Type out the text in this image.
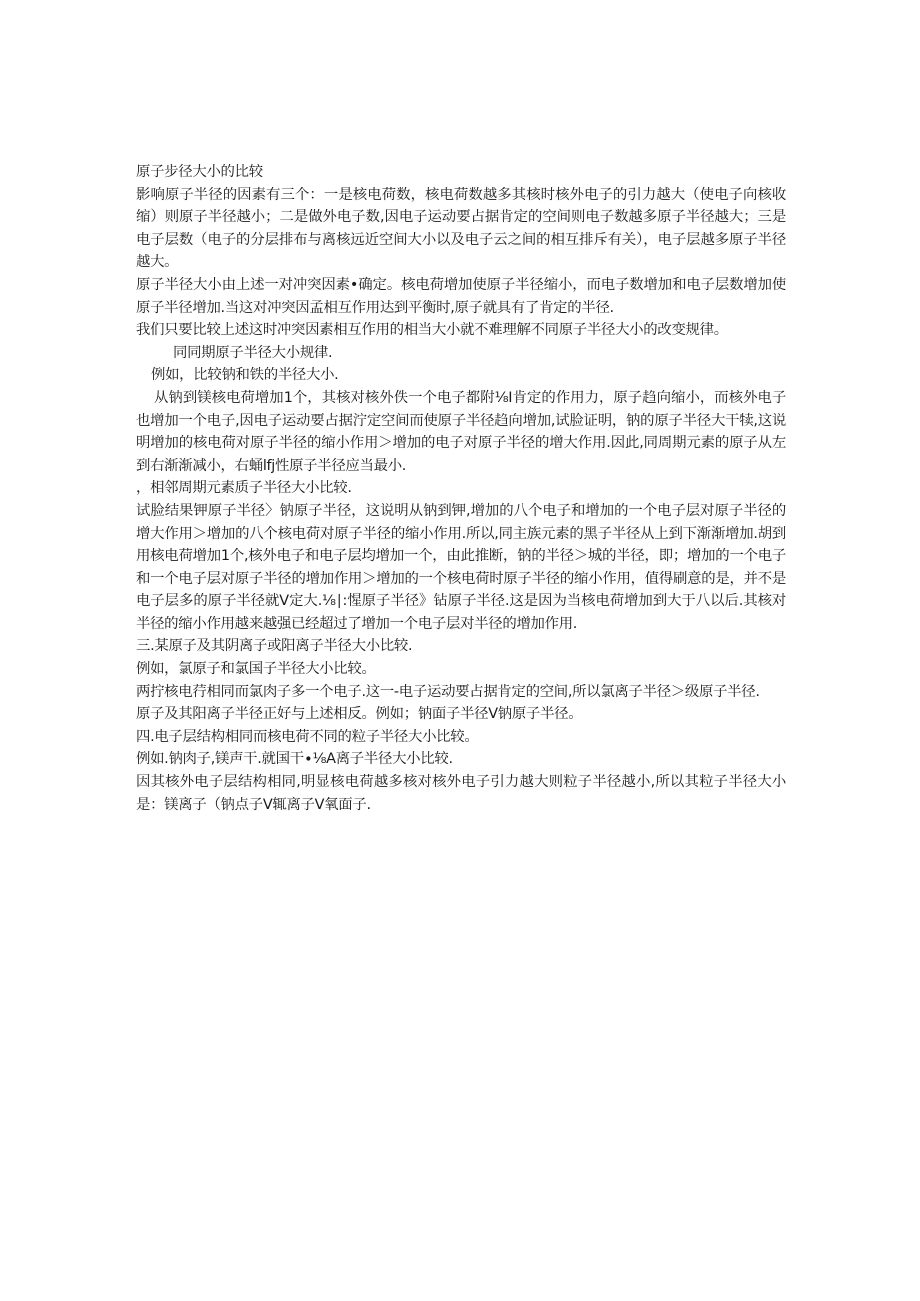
原子步径大小的比较

影响原子半径的因素有三个：一是核电荷数，核电荷数越多其核时核外电子的引力越大（使电子向核收缩）则原子半径越小；二是做外电子数,因电子运动要占据肯定的空间则电子数越多原子半径越大；三是电子层数（电子的分层排布与离核远近空间大小以及电子云之间的相互排斥有关），电子层越多原子半径越大。

原子半径大小由上述一对冲突因素•确定。核电荷增加使原子半径缩小，而电子数增加和电子层数增加使原子半径增加.当这对冲突因孟相互作用达到平衡时,原子就具有了肯定的半径.

我们只要比较上述这时冲突因素相互作用的相当大小就不难理解不同原子半径大小的改变规律。

同同期原子半径大小规律.

例如，比较钠和铁的半径大小.

从钠到镁核电荷增加1个，其核对核外佚一个电子都附⅛I肯定的作用力，原子趋向缩小，而核外电子也增加一个电子,因电子运动要占据泞定空间而使原子半径趋向增加,试脸证明，钠的原子半径大干犊,这说明增加的核电荷对原子半径的缩小作用＞增加的电子对原子半径的增大作用.因此,同周期元素的原子从左到右渐渐减小，右蛹lfj性原子半径应当最小.

，相邻周期元素质子半径大小比较.

试脸结果钾原子半径〉钠原子半径，这说明从钠到钾,增加的八个电子和增加的一个电子层对原子半径的增大作用＞增加的八个核电荷对原子半径的缩小作用.所以,同主族元素的黑子半径从上到下渐渐增加.胡到用核电荷增加1个,核外电子和电子层均增加一个，由此推断，钠的半径＞城的半径，即；增加的一个电子和一个电子层对原子半径的增加作用＞增加的一个核电荷时原子半径的缩小作用，值得刷意的是，并不是电子层多的原子半径就V定大.⅛∣:惺原子半径》钻原子半径.这是因为当核电荷增加到大于八以后.其核对半径的缩小作用越来越强已经超过了增加一个电子层对半径的增加作用.

三.某原子及其阴离子或阳离子半径大小比较.

例如，氯原子和氯国子半径大小比较。

两拧核电荇相同而氯肉子多一个电子.这一-电子运动要占据肯定的空间,所以氯离子半径＞级原子半径.

原子及其阳离子半径正好与上述相反。例如；钠面子半径V钠原子半径。

四.电子层结构相同而核电荷不同的粒子半径大小比较。

例如.钠肉子,镁声干.就国干∙⅛A离子半径大小比较.

因其核外电子层结构相同,明显核电荷越多核对核外电子引力越大则粒子半径越小,所以其粒子半径大小是：镁离子（钠点子V辄离子V氧面子.
